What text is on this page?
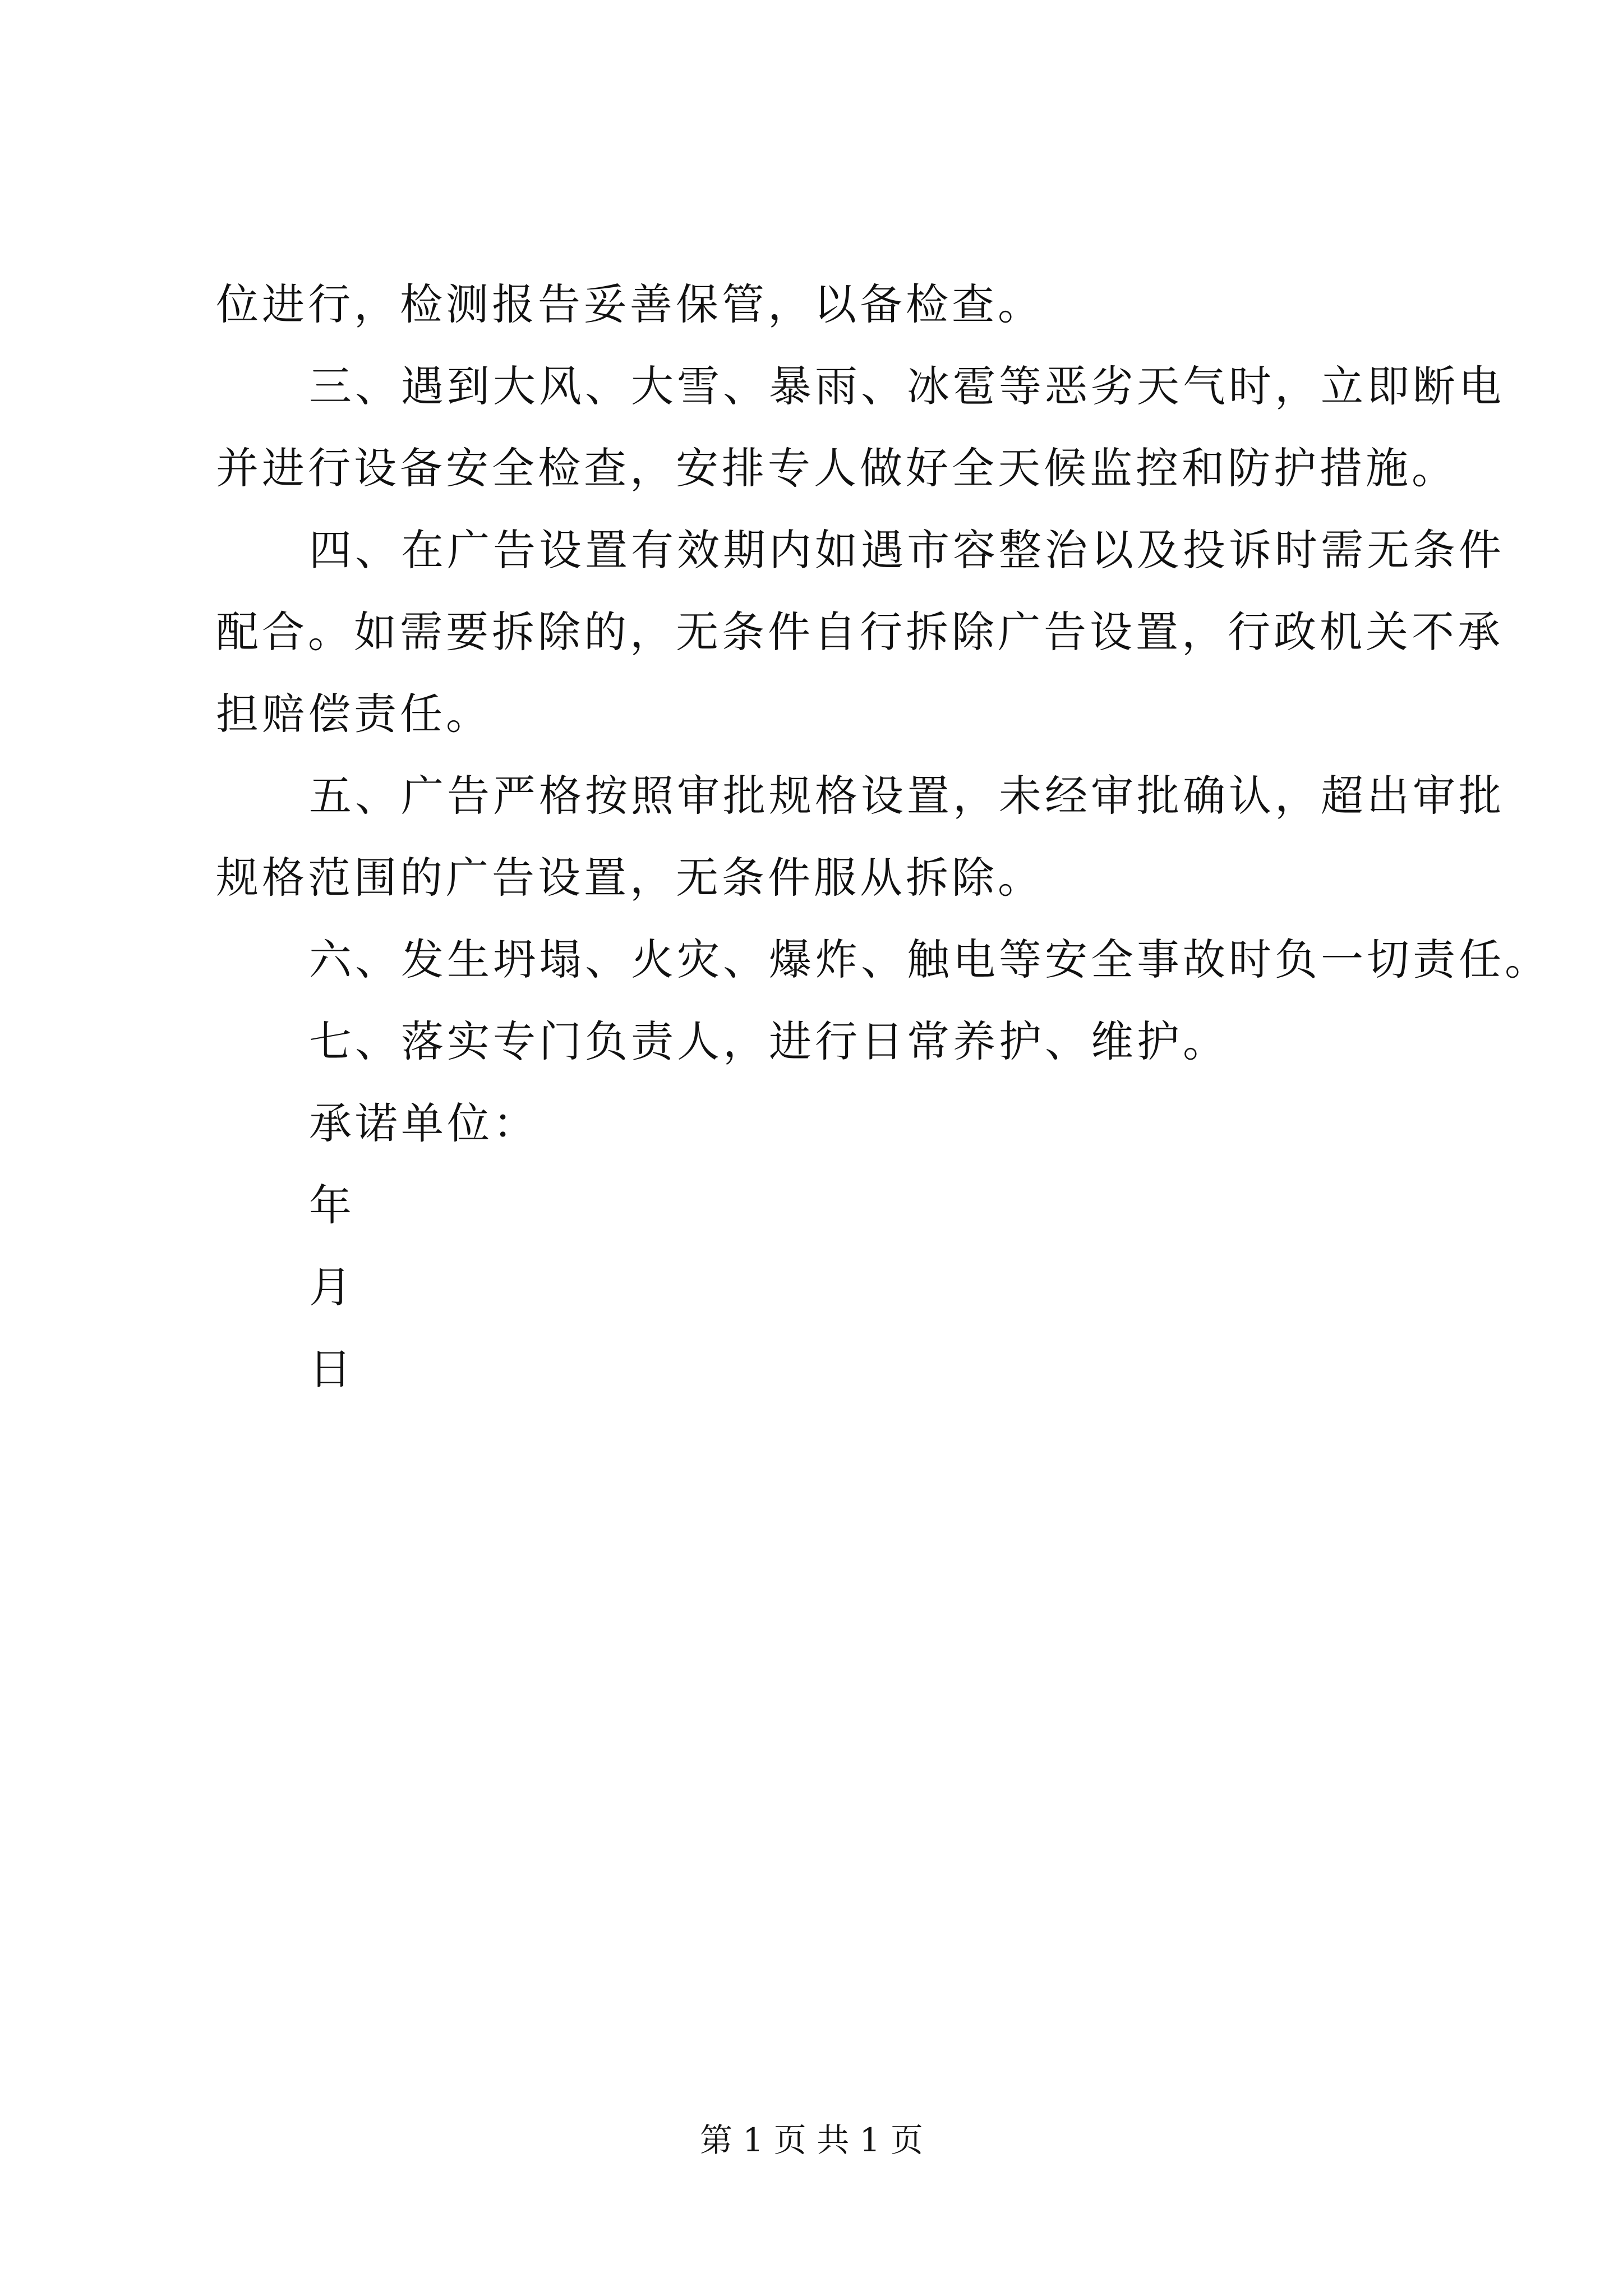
位进行，检测报告妥善保管，以备检查。
三、遇到大风、大雪、暴雨、冰雹等恶劣天气时，立即断电
并进行设备安全检查，安排专人做好全天候监控和防护措施。
四、在广告设置有效期内如遇市容整治以及投诉时需无条件
配合。如需要拆除的，无条件自行拆除广告设置，行政机关不承
担赔偿责任。
五、广告严格按照审批规格设置，未经审批确认，超出审批
规格范围的广告设置，无条件服从拆除。
六、发生坍塌、火灾、爆炸、触电等安全事故时负一切责任。
七、落实专门负责人，进行日常养护、维护。
承诺单位：
年
月
日
第 1 页 共 1 页
